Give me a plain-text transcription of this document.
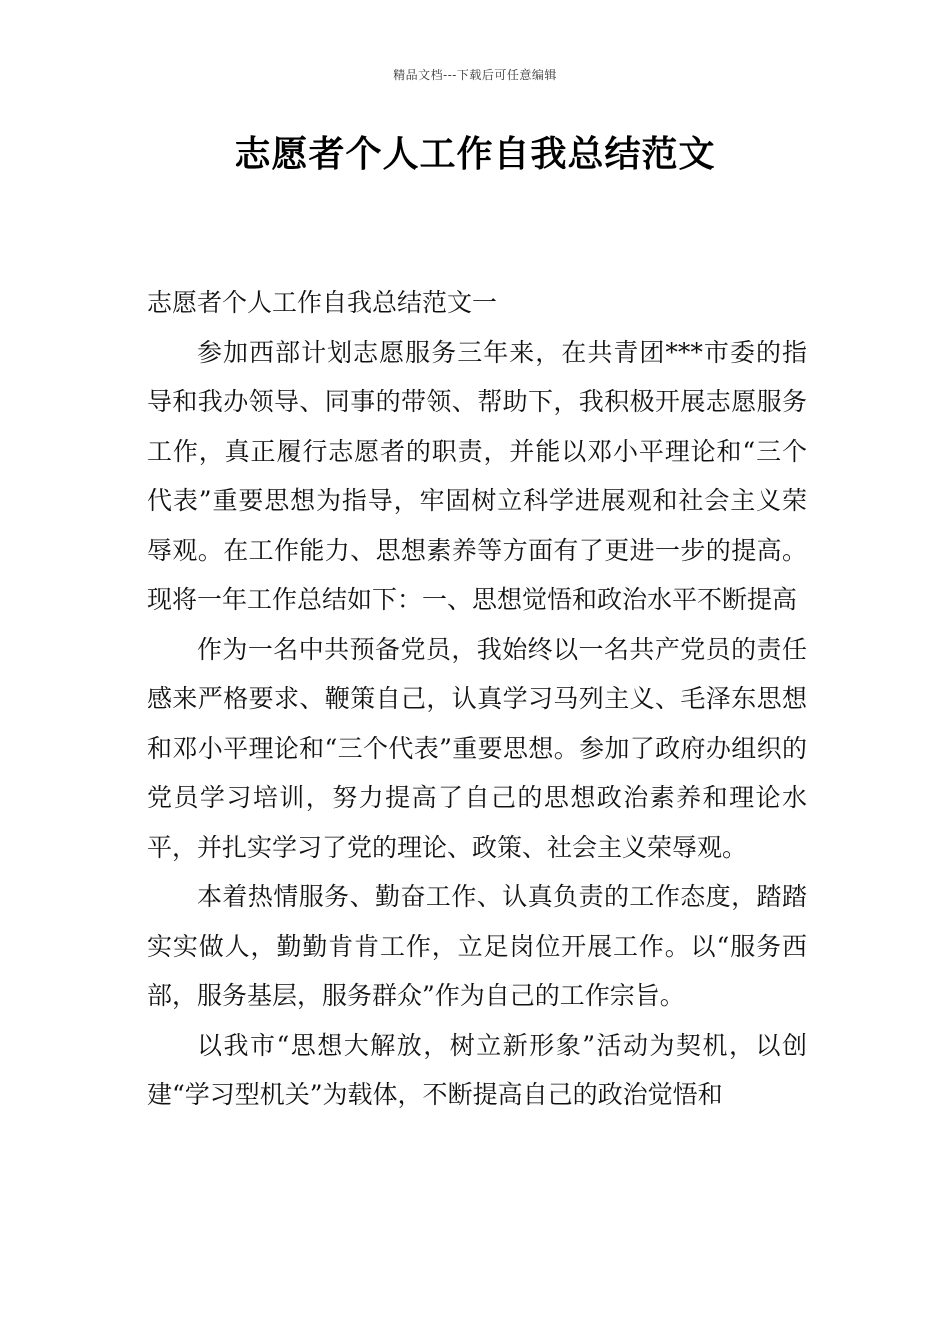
精品文档---下载后可任意编辑
志愿者个人工作自我总结范文

志愿者个人工作自我总结范文一

参加西部计划志愿服务三年来，在共青团***市委的指导和我办领导、同事的带领、帮助下，我积极开展志愿服务工作，真正履行志愿者的职责，并能以邓小平理论和“三个代表”重要思想为指导，牢固树立科学进展观和社会主义荣辱观。在工作能力、思想素养等方面有了更进一步的提高。现将一年工作总结如下：一、思想觉悟和政治水平不断提高

作为一名中共预备党员，我始终以一名共产党员的责任感来严格要求、鞭策自己，认真学习马列主义、毛泽东思想和邓小平理论和“三个代表”重要思想。参加了政府办组织的党员学习培训，努力提高了自己的思想政治素养和理论水平，并扎实学习了党的理论、政策、社会主义荣辱观。

本着热情服务、勤奋工作、认真负责的工作态度，踏踏实实做人，勤勤肯肯工作，立足岗位开展工作。以“服务西部，服务基层，服务群众”作为自己的工作宗旨。

以我市“思想大解放，树立新形象”活动为契机，以创建“学习型机关”为载体，不断提高自己的政治觉悟和
